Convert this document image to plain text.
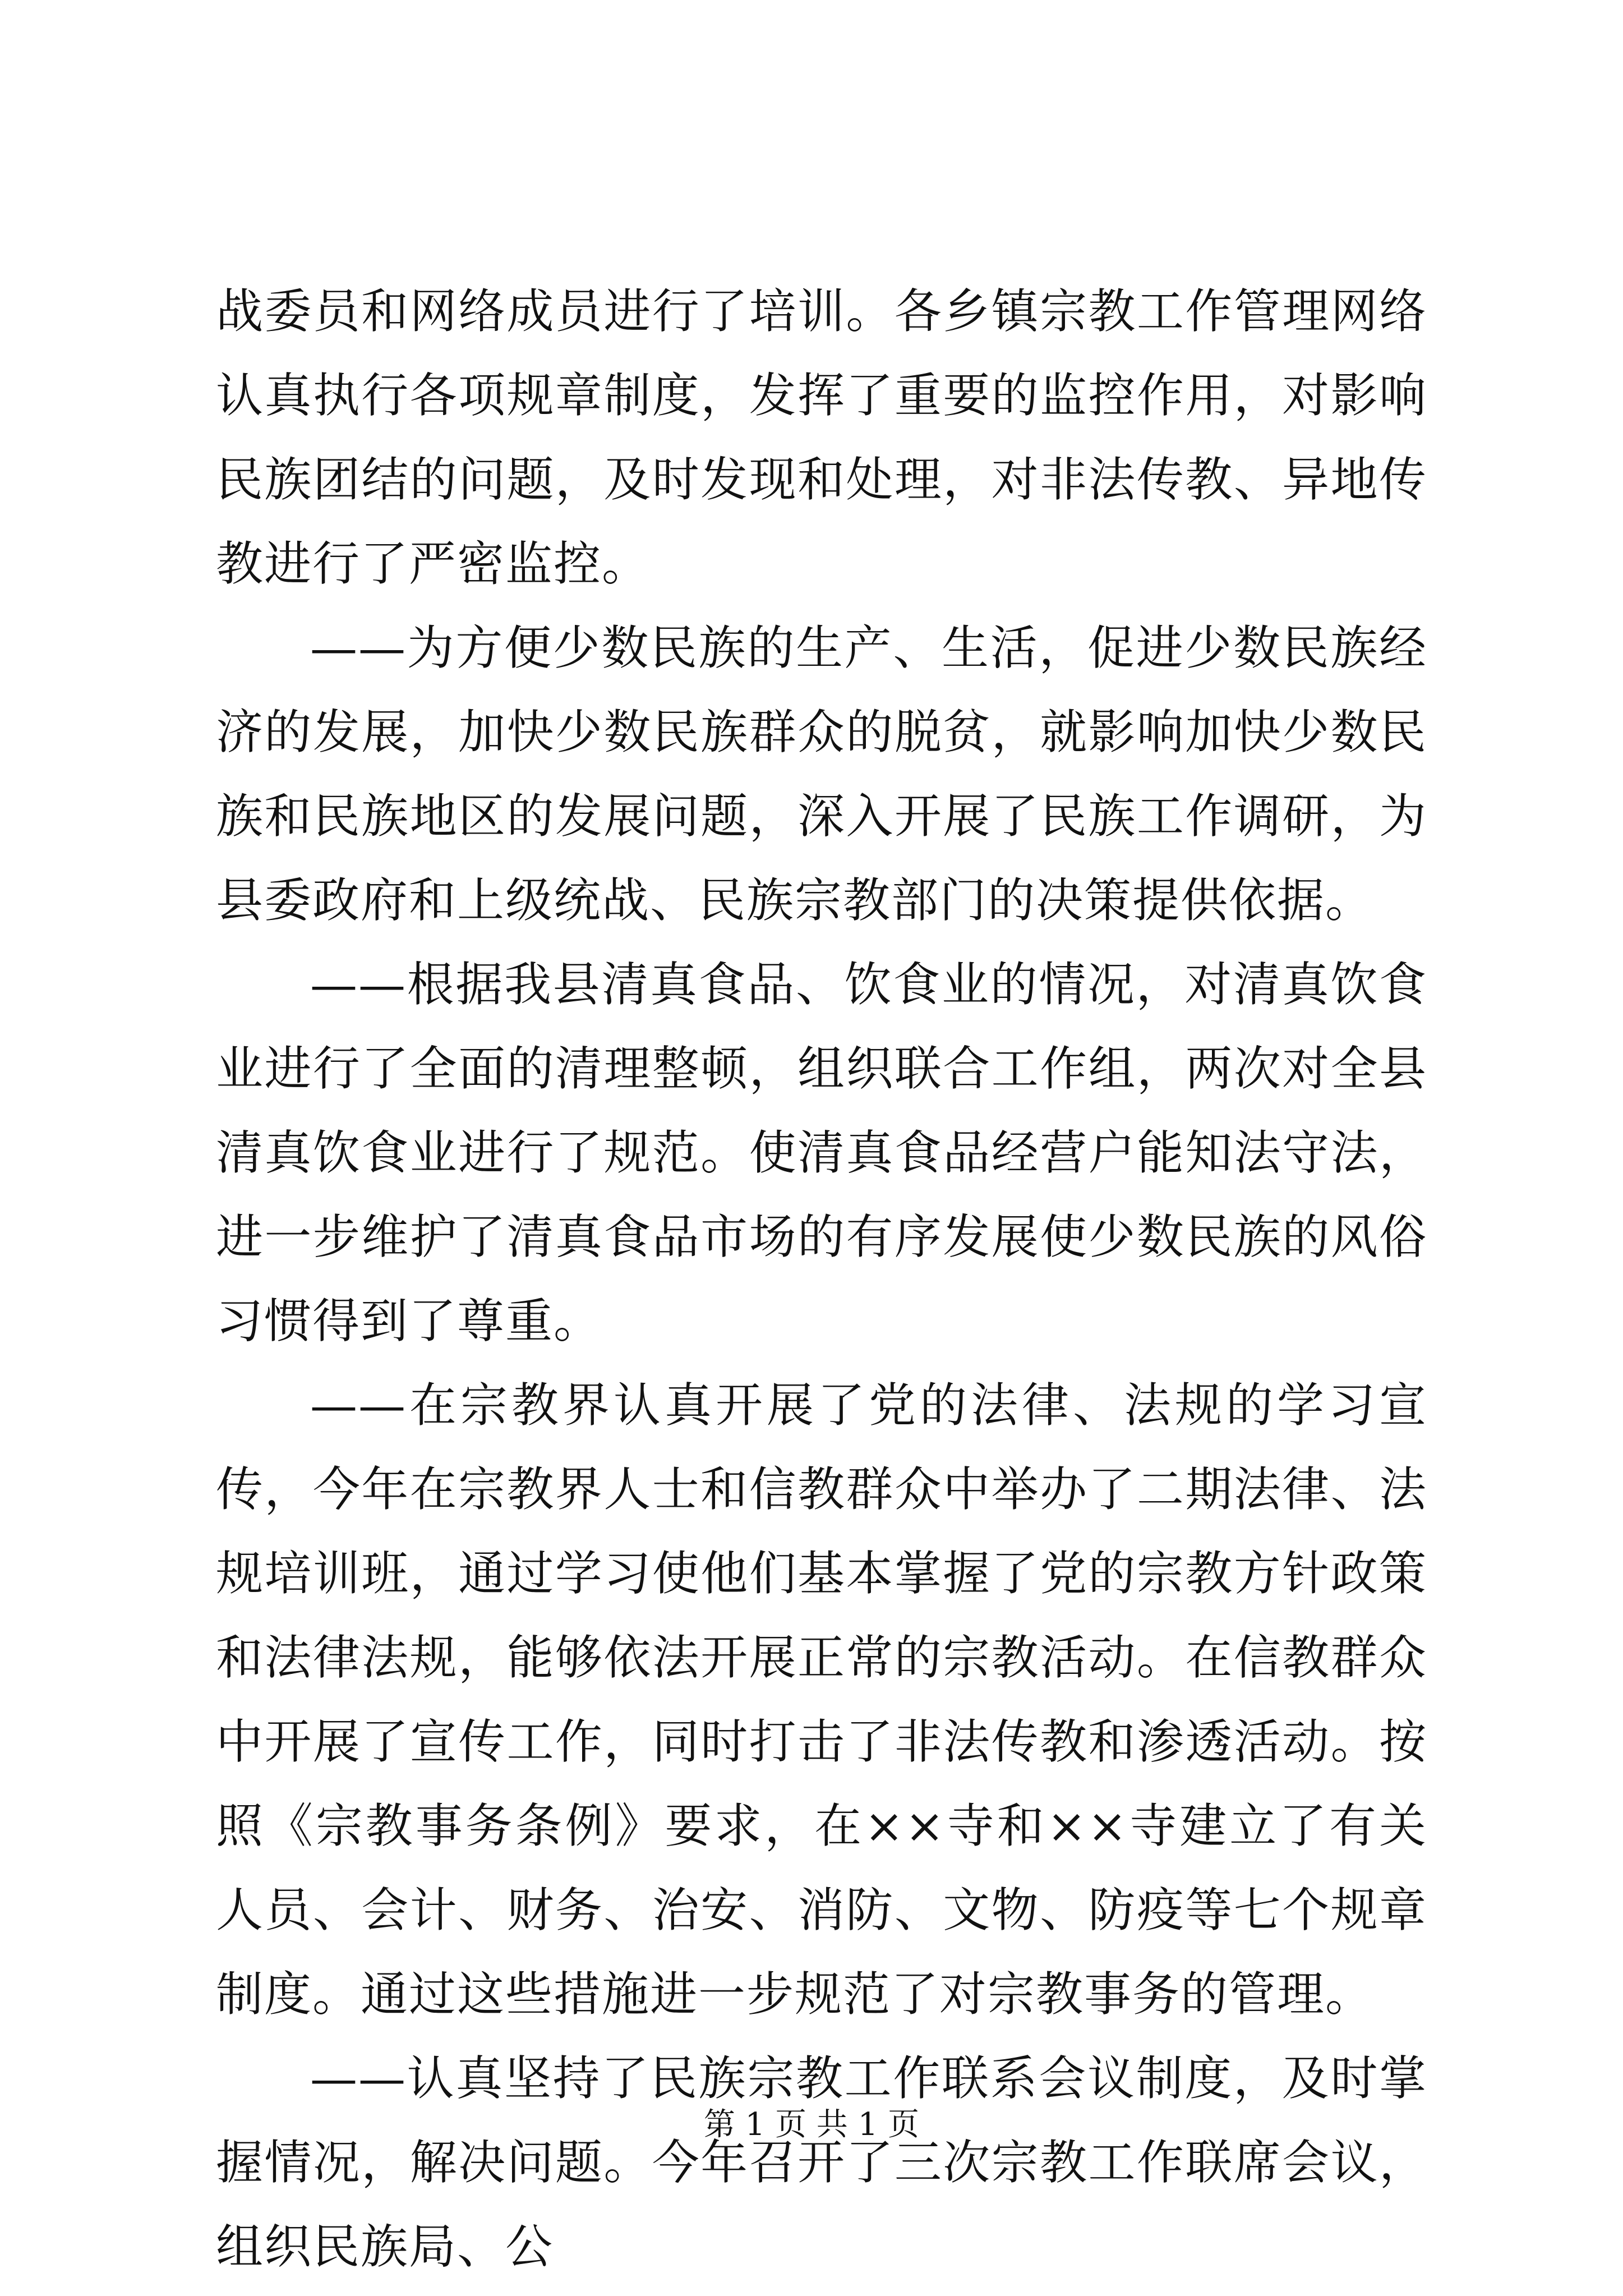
战委员和网络成员进行了培训。各乡镇宗教工作管理网络认真执行各项规章制度，发挥了重要的监控作用，对影响民族团结的问题，及时发现和处理，对非法传教、异地传教进行了严密监控。

——为方便少数民族的生产、生活，促进少数民族经济的发展，加快少数民族群众的脱贫，就影响加快少数民族和民族地区的发展问题，深入开展了民族工作调研，为县委政府和上级统战、民族宗教部门的决策提供依据。

——根据我县清真食品、饮食业的情况，对清真饮食业进行了全面的清理整顿，组织联合工作组，两次对全县清真饮食业进行了规范。使清真食品经营户能知法守法，进一步维护了清真食品市场的有序发展使少数民族的风俗习惯得到了尊重。

——在宗教界认真开展了党的法律、法规的学习宣传，今年在宗教界人士和信教群众中举办了二期法律、法规培训班，通过学习使他们基本掌握了党的宗教方针政策和法律法规，能够依法开展正常的宗教活动。在信教群众中开展了宣传工作，同时打击了非法传教和渗透活动。按照《宗教事务条例》要求，在××寺和××寺建立了有关人员、会计、财务、治安、消防、文物、防疫等七个规章制度。通过这些措施进一步规范了对宗教事务的管理。

——认真坚持了民族宗教工作联系会议制度，及时掌握情况，解决问题。今年召开了三次宗教工作联席会议，组织民族局、公

第 1 页 共 1 页
